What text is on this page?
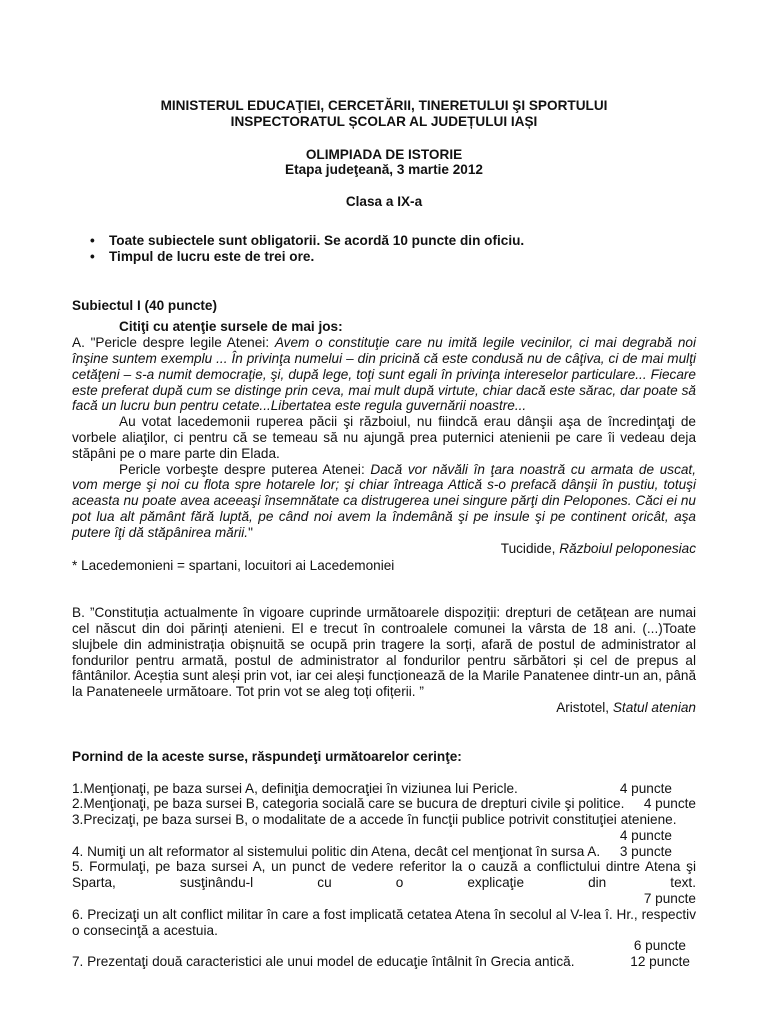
MINISTERUL EDUCAŢIEI, CERCETĂRII, TINERETULUI ŞI SPORTULUI
INSPECTORATUL ȘCOLAR AL JUDEȚULUI IAȘI
OLIMPIADA DE ISTORIE
Etapa judeţeană, 3 martie 2012
Clasa a IX-a
• Toate subiectele sunt obligatorii. Se acordă 10 puncte din oficiu.
• Timpul de lucru este de trei ore.
Subiectul I (40 puncte)
Citiţi cu atenţie sursele de mai jos:

A. "Pericle despre legile Atenei: Avem o constituţie care nu imită legile vecinilor, ci mai degrabă noi înşine suntem exemplu ... În privinţa numelui – din pricină că este condusă nu de câţiva, ci de mai mulţi cetăţeni – s-a numit democraţie, şi, după lege, toţi sunt egali în privinţa intereselor particulare... Fiecare este preferat după cum se distinge prin ceva, mai mult după virtute, chiar dacă este sărac, dar poate să facă un lucru bun pentru cetate...Libertatea este regula guvernării noastre...

Au votat lacedemonii ruperea păcii şi războiul, nu fiindcă erau dânşii aşa de încredinţaţi de vorbele aliaţilor, ci pentru că se temeau să nu ajungă prea puternici atenienii pe care îi vedeau deja stăpâni pe o mare parte din Elada.

Pericle vorbeşte despre puterea Atenei: Dacă vor năvăli în ţara noastră cu armata de uscat, vom merge şi noi cu flota spre hotarele lor; şi chiar întreaga Attică s-o prefacă dânşii în pustiu, totuşi aceasta nu poate avea aceeaşi însemnătate ca distrugerea unei singure părţi din Pelopones. Căci ei nu pot lua alt pământ fără luptă, pe când noi avem la îndemână şi pe insule şi pe continent oricât, aşa putere îţi dă stăpânirea mării."

Tucidide, Războiul peloponesiac

* Lacedemonieni = spartani, locuitori ai Lacedemoniei

B. ”Constituția actualmente în vigoare cuprinde următoarele dispoziții: drepturi de cetățean are numai cel născut din doi părinți atenieni. El e trecut în controalele comunei la vârsta de 18 ani. (...)Toate slujbele din administrația obișnuită se ocupă prin tragere la sorți, afară de postul de administrator al fondurilor pentru armată, postul de administrator al fondurilor pentru sărbători și cel de prepus al fântânilor. Aceștia sunt aleși prin vot, iar cei aleși funcționează de la Marile Panatenee dintr-un an, până la Panateneele următoare. Tot prin vot se aleg toți ofițerii. ”

Aristotel, Statul atenian

Pornind de la aceste surse, răspundeţi următoarelor cerinţe:
1.Menţionaţi, pe baza sursei A, definiţia democraţiei în viziunea lui Pericle.	4 puncte
2.Menţionaţi, pe baza sursei B, categoria socială care se bucura de drepturi civile şi politice. 4 puncte
3.Precizaţi, pe baza sursei B, o modalitate de a accede în funcţii publice potrivit constituţiei ateniene.
4 puncte
4. Numiţi un alt reformator al sistemului politic din Atena, decât cel menţionat în sursa A. 3 puncte

5. Formulaţi, pe baza sursei A, un punct de vedere referitor la o cauză a conflictului dintre Atena şi Sparta, susţinându-l cu o explicaţie din text.

7 puncte

6. Precizaţi un alt conflict militar în care a fost implicată cetatea Atena în secolul al V-lea î. Hr., respectiv o consecinţă a acestuia.

6 puncte
7. Prezentaţi două caracteristici ale unui model de educaţie întâlnit în Grecia antică.	12 puncte
